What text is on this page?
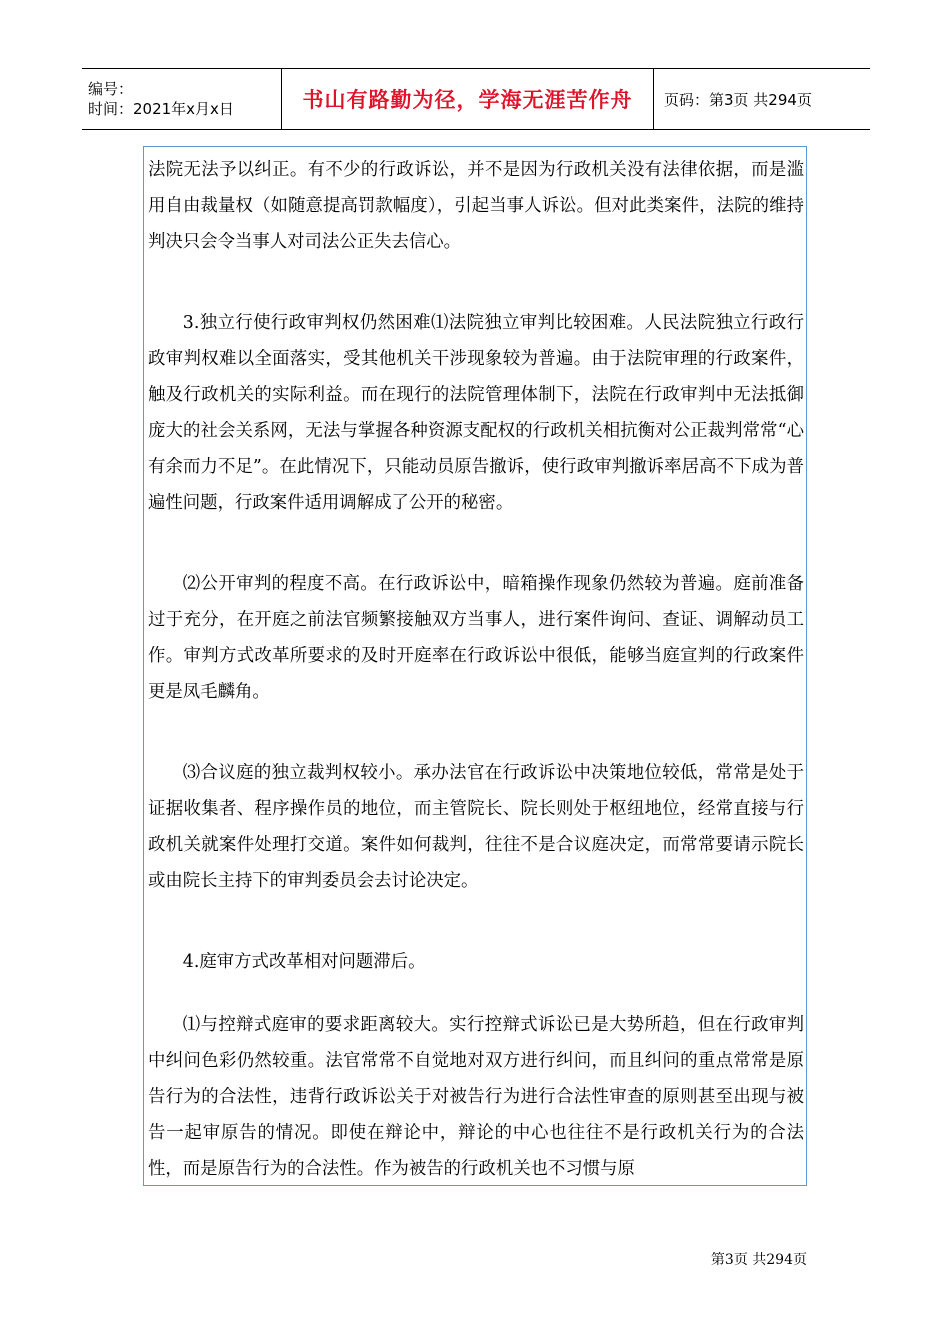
编号：
时间：2021年x月x日	书山有路勤为径，学海无涯苦作舟 页码：第3页 共294页

法院无法予以纠正。有不少的行政诉讼，并不是因为行政机关没有法律依据，而是滥用自由裁量权（如随意提高罚款幅度），引起当事人诉讼。但对此类案件，法院的维持判决只会令当事人对司法公正失去信心。

3.独立行使行政审判权仍然困难⑴法院独立审判比较困难。人民法院独立行政行政审判权难以全面落实，受其他机关干涉现象较为普遍。由于法院审理的行政案件，触及行政机关的实际利益。而在现行的法院管理体制下，法院在行政审判中无法抵御庞大的社会关系网，无法与掌握各种资源支配权的行政机关相抗衡对公正裁判常常“心有余而力不足”。在此情况下，只能动员原告撤诉，使行政审判撤诉率居高不下成为普遍性问题，行政案件适用调解成了公开的秘密。

⑵公开审判的程度不高。在行政诉讼中，暗箱操作现象仍然较为普遍。庭前准备过于充分，在开庭之前法官频繁接触双方当事人，进行案件询问、查证、调解动员工作。审判方式改革所要求的及时开庭率在行政诉讼中很低，能够当庭宣判的行政案件更是凤毛麟角。

⑶合议庭的独立裁判权较小。承办法官在行政诉讼中决策地位较低，常常是处于证据收集者、程序操作员的地位，而主管院长、院长则处于枢纽地位，经常直接与行政机关就案件处理打交道。案件如何裁判，往往不是合议庭决定，而常常要请示院长或由院长主持下的审判委员会去讨论决定。

4.庭审方式改革相对问题滞后。

⑴与控辩式庭审的要求距离较大。实行控辩式诉讼已是大势所趋，但在行政审判中纠问色彩仍然较重。法官常常不自觉地对双方进行纠问，而且纠问的重点常常是原告行为的合法性，违背行政诉讼关于对被告行为进行合法性审查的原则甚至出现与被告一起审原告的情况。即使在辩论中，辩论的中心也往往不是行政机关行为的合法性，而是原告行为的合法性。作为被告的行政机关也不习惯与原

第3页 共294页
